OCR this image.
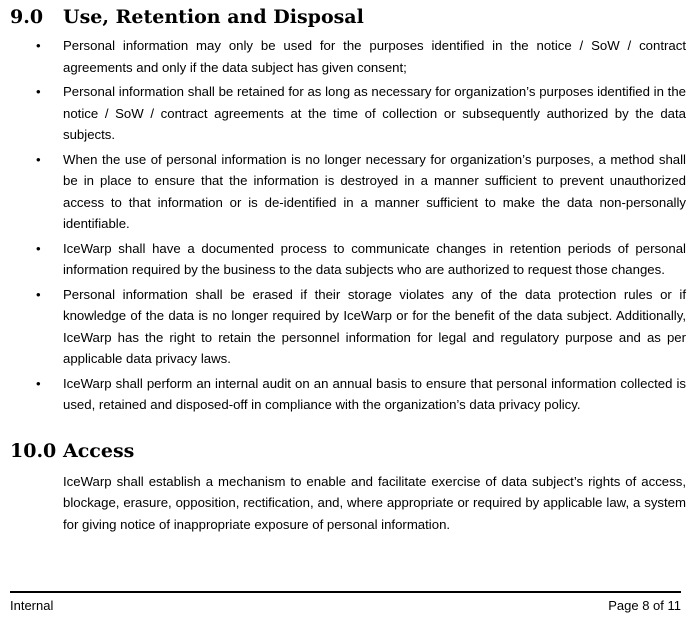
9.0	Use, Retention and Disposal
• Personal information may only be used for the purposes identified in the notice / SoW / contract agreements and only if the data subject has given consent;
• Personal information shall be retained for as long as necessary for organization’s purposes identified in the notice / SoW / contract agreements at the time of collection or subsequently authorized by the data subjects.
• When the use of personal information is no longer necessary for organization’s purposes, a method shall be in place to ensure that the information is destroyed in a manner sufficient to prevent unauthorized access to that information or is de-identified in a manner sufficient to make the data non-personally identifiable.
• IceWarp shall have a documented process to communicate changes in retention periods of personal information required by the business to the data subjects who are authorized to request those changes.
• Personal information shall be erased if their storage violates any of the data protection rules or if knowledge of the data is no longer required by IceWarp or for the benefit of the data subject. Additionally, IceWarp has the right to retain the personnel information for legal and regulatory purpose and as per applicable data privacy laws.
• IceWarp shall perform an internal audit on an annual basis to ensure that personal information collected is used, retained and disposed-off in compliance with the organization’s data privacy policy.
10.0 Access

IceWarp shall establish a mechanism to enable and facilitate exercise of data subject’s rights of access, blockage, erasure, opposition, rectification, and, where appropriate or required by applicable law, a system for giving notice of inappropriate exposure of personal information.

Internal	Page 8 of 11
